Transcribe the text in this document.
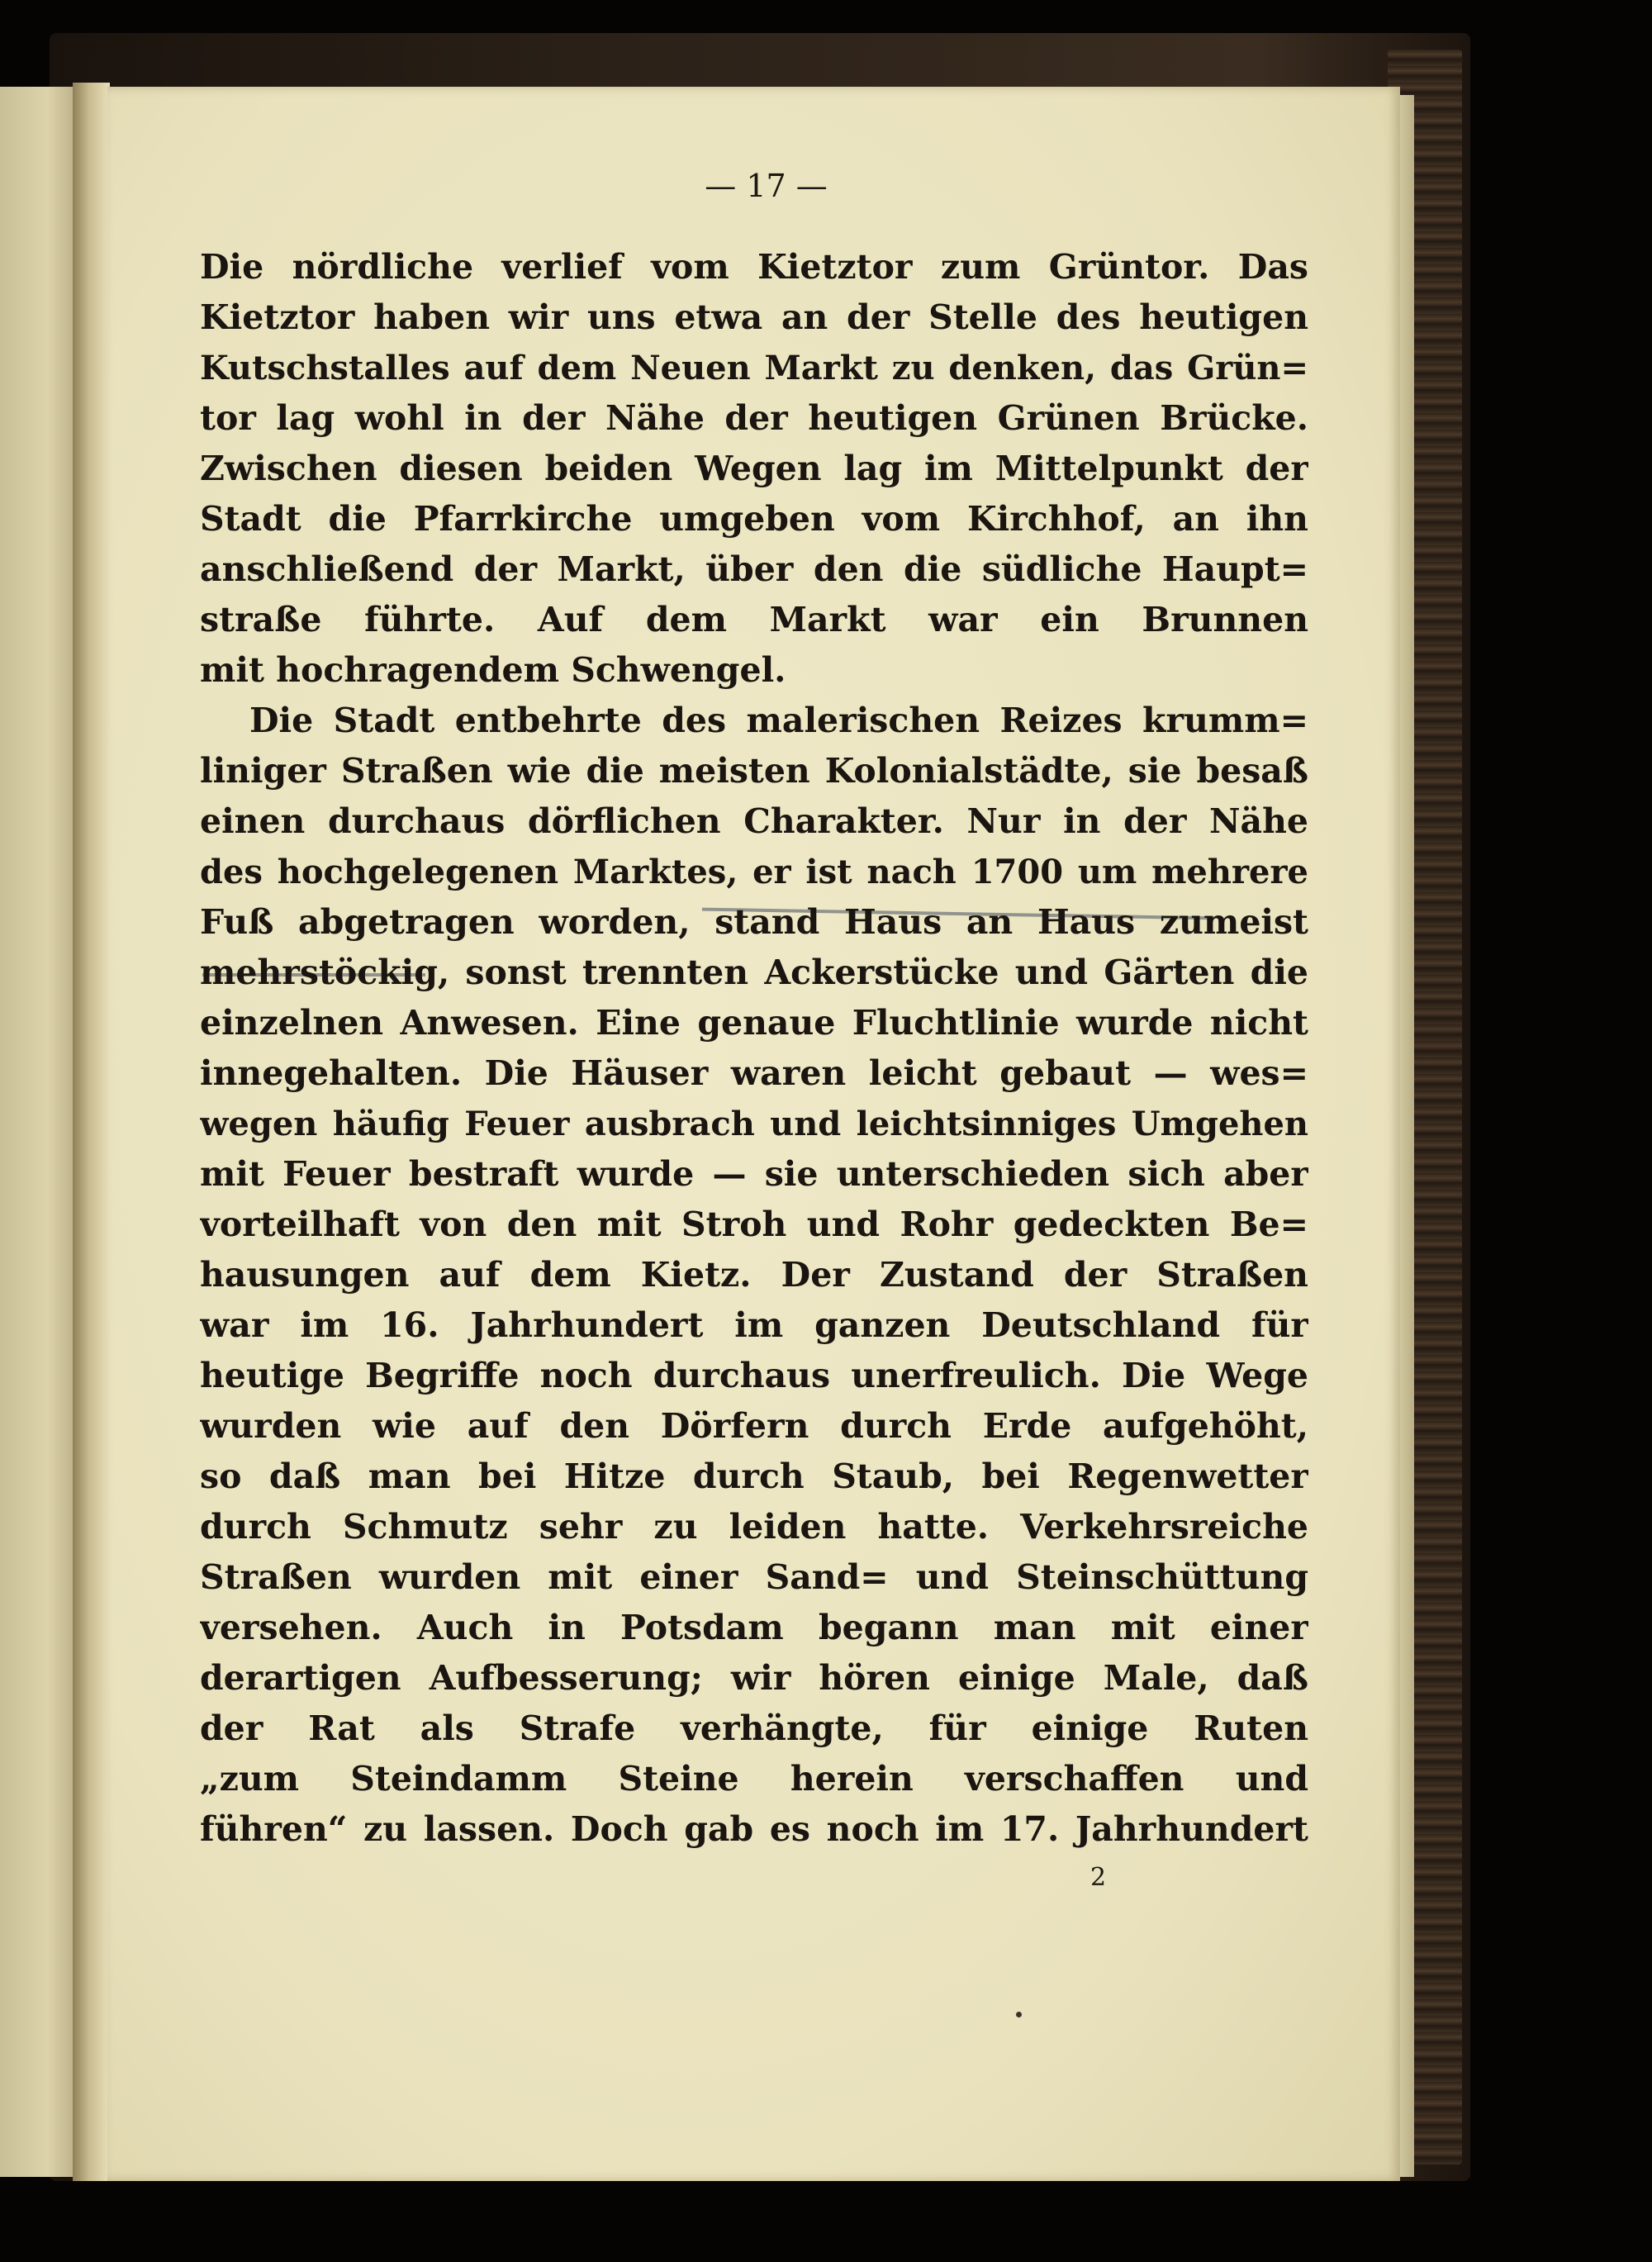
— 17 —
Die nördliche verlief vom Kietztor zum Grüntor. Das
Kietztor haben wir uns etwa an der Stelle des heutigen
Kutschstalles auf dem Neuen Markt zu denken, das Grün=
tor lag wohl in der Nähe der heutigen Grünen Brücke.
Zwischen diesen beiden Wegen lag im Mittelpunkt der
Stadt die Pfarrkirche umgeben vom Kirchhof, an ihn
anschließend der Markt, über den die südliche Haupt=
straße führte. Auf dem Markt war ein Brunnen
mit hochragendem Schwengel.
Die Stadt entbehrte des malerischen Reizes krumm=
liniger Straßen wie die meisten Kolonialstädte, sie besaß
einen durchaus dörflichen Charakter. Nur in der Nähe
des hochgelegenen Marktes, er ist nach 1700 um mehrere
Fuß abgetragen worden, stand Haus an Haus zumeist
mehrstöckig, sonst trennten Ackerstücke und Gärten die
einzelnen Anwesen. Eine genaue Fluchtlinie wurde nicht
innegehalten. Die Häuser waren leicht gebaut — wes=
wegen häufig Feuer ausbrach und leichtsinniges Umgehen
mit Feuer bestraft wurde — sie unterschieden sich aber
vorteilhaft von den mit Stroh und Rohr gedeckten Be=
hausungen auf dem Kietz. Der Zustand der Straßen
war im 16. Jahrhundert im ganzen Deutschland für
heutige Begriffe noch durchaus unerfreulich. Die Wege
wurden wie auf den Dörfern durch Erde aufgehöht,
so daß man bei Hitze durch Staub, bei Regenwetter
durch Schmutz sehr zu leiden hatte. Verkehrsreiche
Straßen wurden mit einer Sand= und Steinschüttung
versehen. Auch in Potsdam begann man mit einer
derartigen Aufbesserung; wir hören einige Male, daß
der Rat als Strafe verhängte, für einige Ruten
„zum Steindamm Steine herein verschaffen und
führen“ zu lassen. Doch gab es noch im 17. Jahrhundert
2
